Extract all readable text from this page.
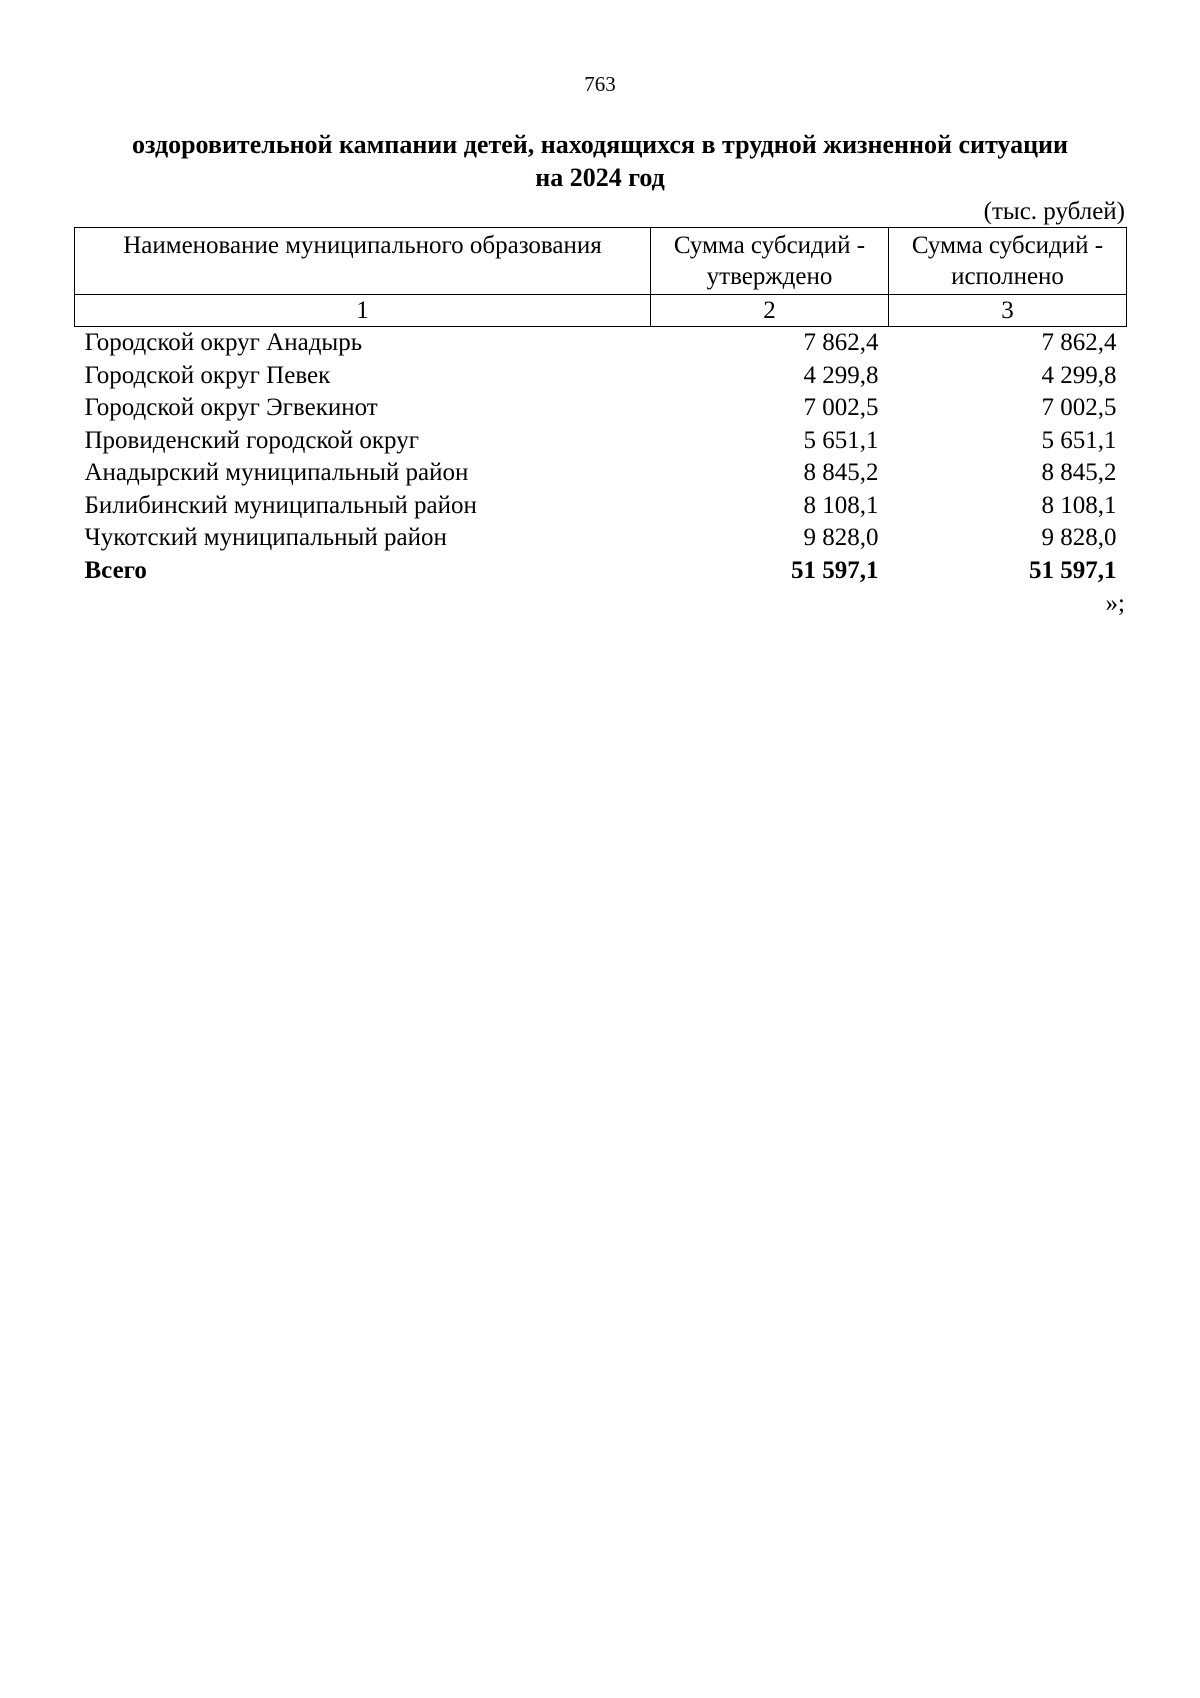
763
оздоровительной кампании детей, находящихся в трудной жизненной ситуации
на 2024 год
(тыс. рублей)
Наименование муниципального образования	Сумма субсидий - утверждено	Сумма субсидий - исполнено
1	2	3
Городской округ Анадырь	7 862,4	7 862,4
Городской округ Певек	4 299,8	4 299,8
Городской округ Эгвекинот	7 002,5	7 002,5
Провиденский городской округ	5 651,1	5 651,1
Анадырский муниципальный район	8 845,2	8 845,2
Билибинский муниципальный район	8 108,1	8 108,1
Чукотский муниципальный район	9 828,0	9 828,0
Всего	51 597,1	51 597,1
»;
